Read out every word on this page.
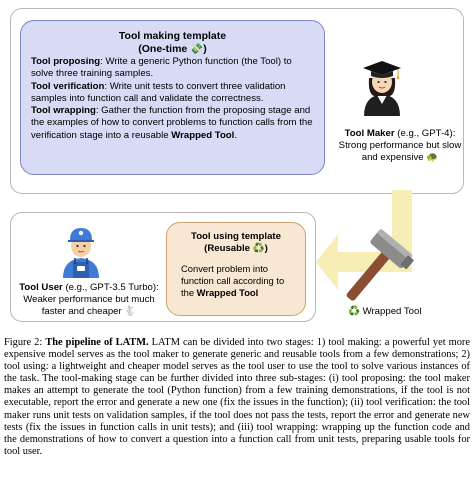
Tool making template
(One-time 💸)
Tool proposing: Write a generic Python function (the Tool) to solve three training samples.
Tool verification: Write unit tests to convert three validation samples into function call and validate the correctness.
Tool wrapping: Gather the function from the proposing stage and the examples of how to convert problems to function calls from the verification stage into a reusable Wrapped Tool.	Tool Maker (e.g., GPT-4):
Strong performance but slow and expensive 🐢
Tool User (e.g., GPT-3.5 Turbo):
Weaker performance but much faster and cheaper 🐇
Tool using template
(Reusable ♻️)
Convert problem into function call according to the Wrapped Tool
♻️ Wrapped Tool
Figure 2: The pipeline of LATM. LATM can be divided into two stages: 1) tool making: a powerful yet more expensive model serves as the tool maker to generate generic and reusable tools from a few demonstrations; 2) tool using: a lightweight and cheaper model serves as the tool user to use the tool to solve various instances of the task. The tool-making stage can be further divided into three sub-stages: (i) tool proposing: the tool maker makes an attempt to generate the tool (Python function) from a few training demonstrations, if the tool is not executable, report the error and generate a new one (fix the issues in the function); (ii) tool verification: the tool maker runs unit tests on validation samples, if the tool does not pass the tests, report the error and generate new tests (fix the issues in function calls in unit tests); and (iii) tool wrapping: wrapping up the function code and the demonstrations of how to convert a question into a function call from unit tests, preparing usable tools for tool user.
